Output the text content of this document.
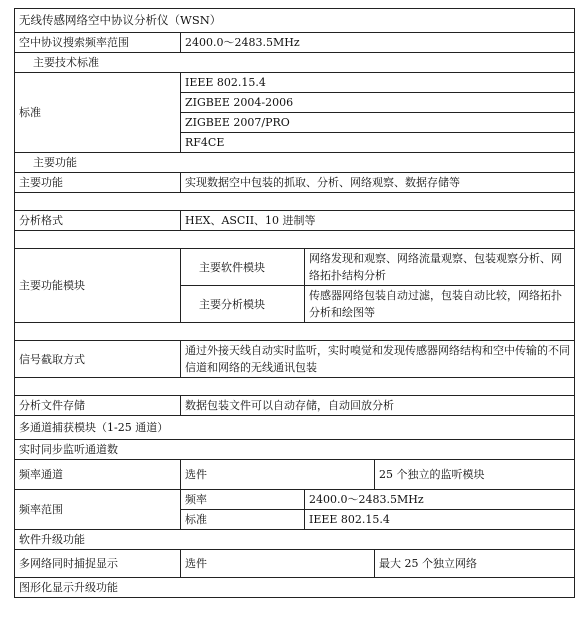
无线传感网络空中协议分析仪（WSN）			
空中协议搜索频率范围	2400.0～2483.5MHz		
主要技术标准			
标准	IEEE 802.15.4		
	ZIGBEE 2004-2006		
	ZIGBEE 2007/PRO		
	RF4CE		
主要功能			
主要功能	实现数据空中包装的抓取、分析、网络观察、数据存储等		

分析格式	HEX、ASCII、10 进制等		

主要功能模块	主要软件模块	网络发现和观察、网络流量观察、包装观察分析、网络拓扑结构分析	
	主要分析模块	传感器网络包装自动过滤，包装自动比较，网络拓扑分析和绘图等	

信号截取方式	通过外接天线自动实时监听，实时嗅觉和发现传感器网络结构和空中传输的不同信道和网络的无线通讯包装		

分析文件存储	数据包装文件可以自动存储，自动回放分析		
多通道捕获模块（1-25 通道）			
实时同步监听通道数			
频率通道	选件		25 个独立的监听模块
频率范围	频率	2400.0～2483.5MHz	
	标准	IEEE 802.15.4	
软件升级功能			
多网络同时捕捉显示	选件		最大 25 个独立网络
图形化显示升级功能			
